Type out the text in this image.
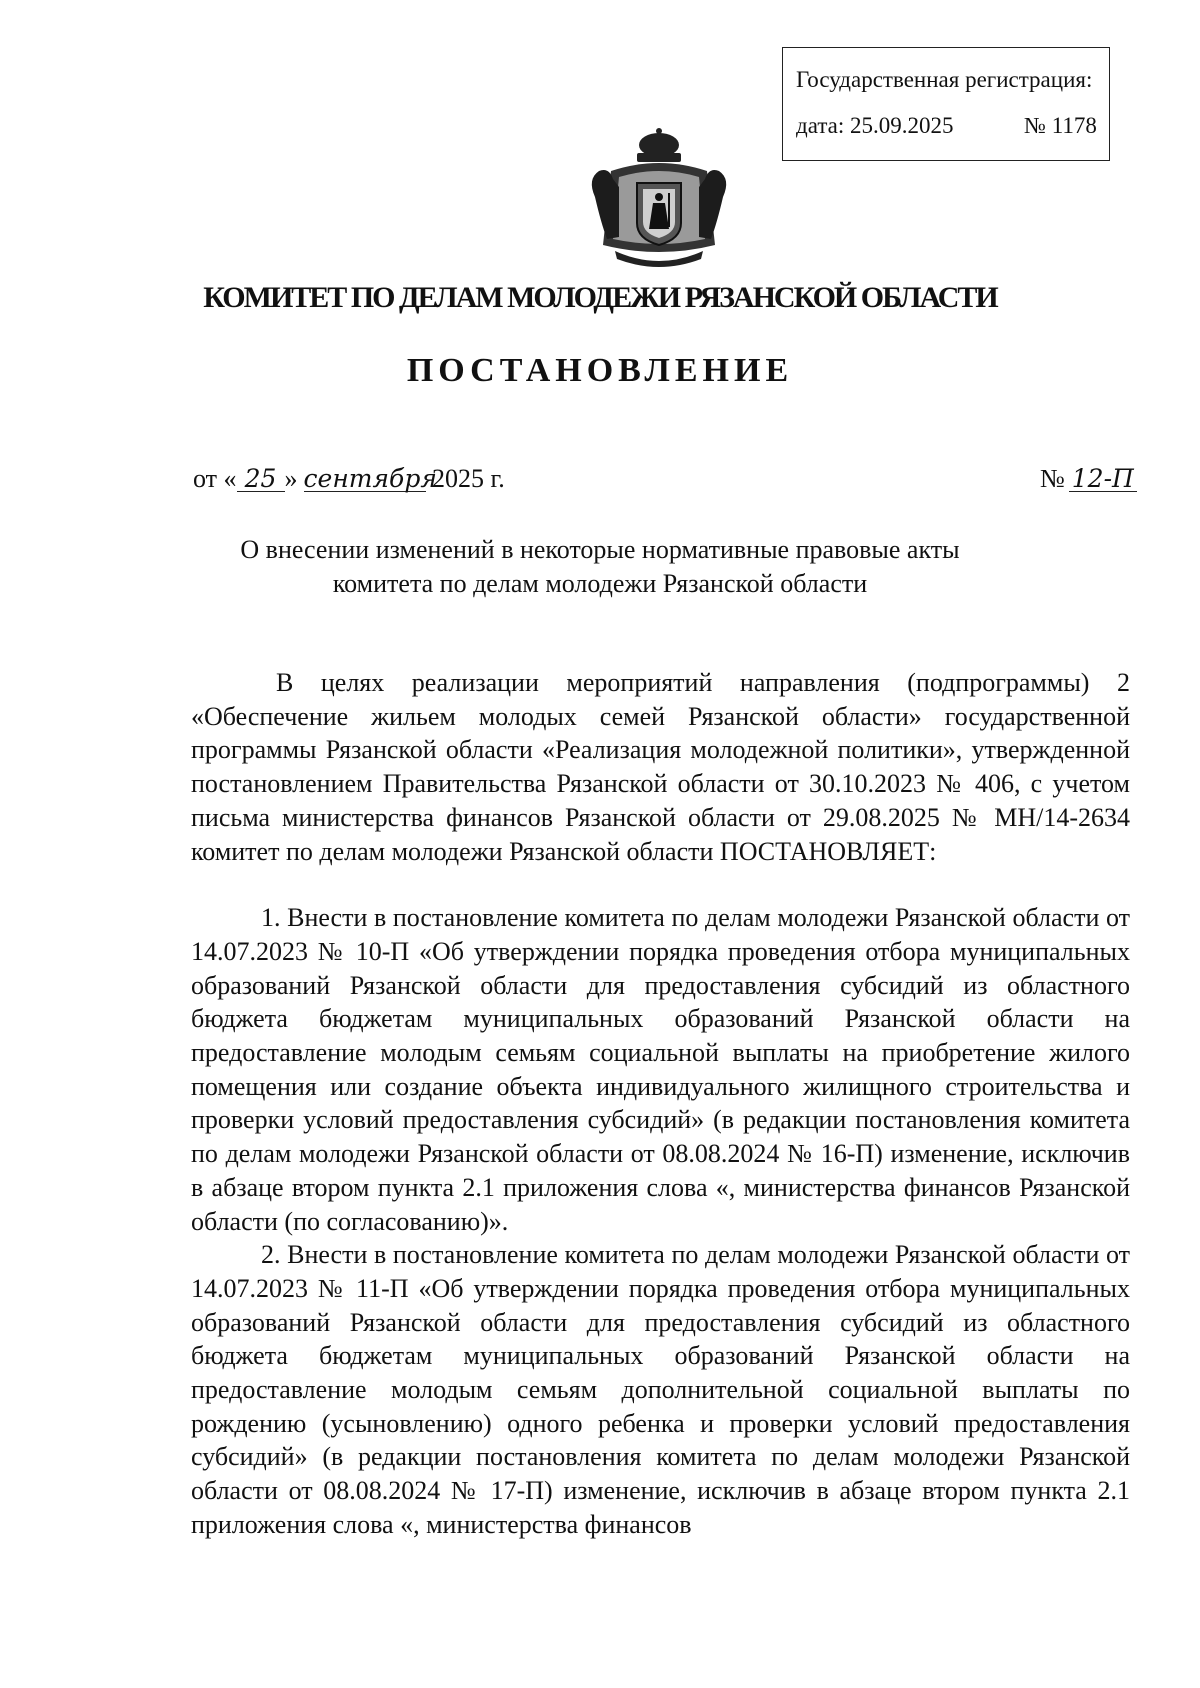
Государственная регистрация:
дата: 25.09.2025	№ 1178
КОМИТЕТ ПО ДЕЛАМ МОЛОДЕЖИ РЯЗАНСКОЙ ОБЛАСТИ
ПОСТАНОВЛЕНИЕ
от « 25 » сентября 2025 г.	№ 12-П
О внесении изменений в некоторые нормативные правовые акты
комитета по делам молодежи Рязанской области

В целях реализации мероприятий направления (подпрограммы) 2 «Обеспечение жильем молодых семей Рязанской области» государственной программы Рязанской области «Реализация молодежной политики», утвержденной постановлением Правительства Рязанской области от 30.10.2023 № 406, с учетом письма министерства финансов Рязанской области от 29.08.2025 № МН/14-2634 комитет по делам молодежи Рязанской области ПОСТАНОВЛЯЕТ:

1. Внести в постановление комитета по делам молодежи Рязанской области от 14.07.2023 № 10-П «Об утверждении порядка проведения отбора муниципальных образований Рязанской области для предоставления субсидий из областного бюджета бюджетам муниципальных образований Рязанской области на предоставление молодым семьям социальной выплаты на приобретение жилого помещения или создание объекта индивидуального жилищного строительства и проверки условий предоставления субсидий» (в редакции постановления комитета по делам молодежи Рязанской области от 08.08.2024 № 16-П) изменение, исключив в абзаце втором пункта 2.1 приложения слова «, министерства финансов Рязанской области (по согласованию)».

2. Внести в постановление комитета по делам молодежи Рязанской области от 14.07.2023 № 11-П «Об утверждении порядка проведения отбора муниципальных образований Рязанской области для предоставления субсидий из областного бюджета бюджетам муниципальных образований Рязанской области на предоставление молодым семьям дополнительной социальной выплаты по рождению (усыновлению) одного ребенка и проверки условий предоставления субсидий» (в редакции постановления комитета по делам молодежи Рязанской области от 08.08.2024 № 17-П) изменение, исключив в абзаце втором пункта 2.1 приложения слова «, министерства финансов
